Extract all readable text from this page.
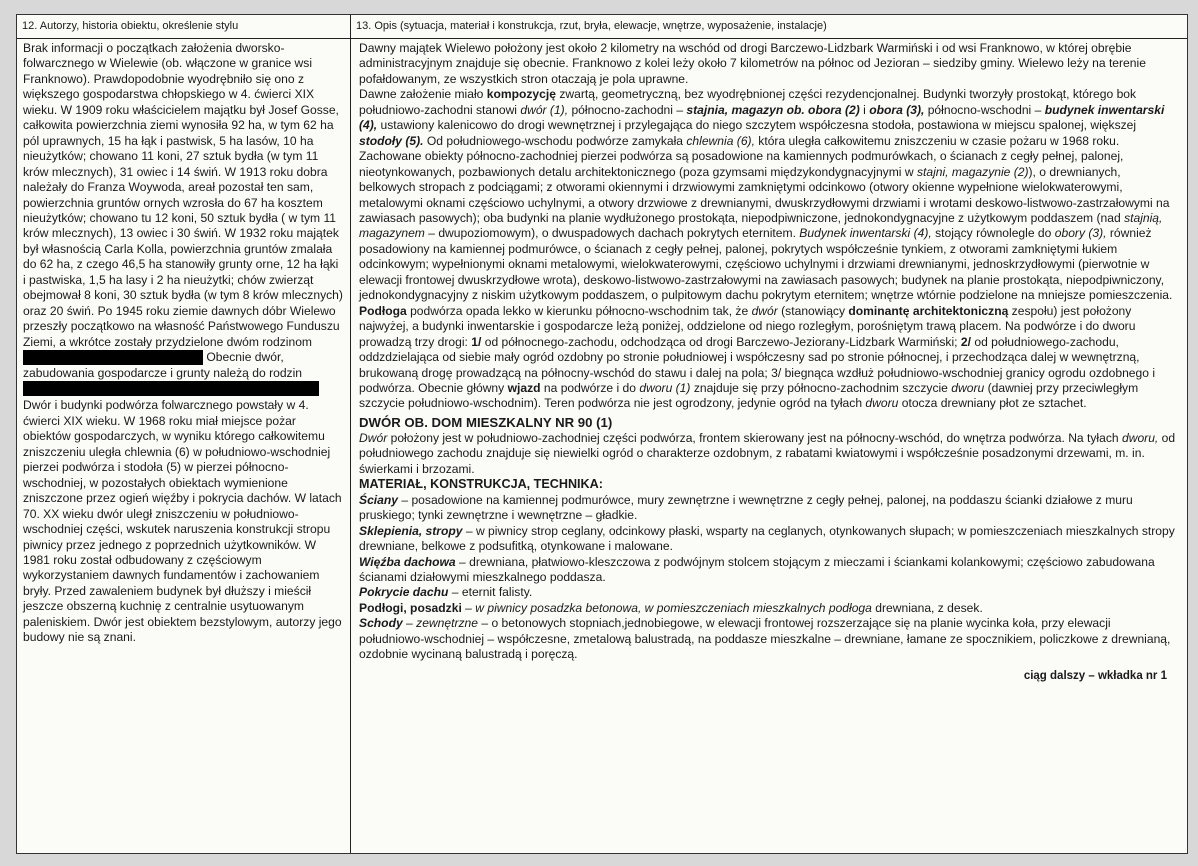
12. Autorzy, historia obiektu, określenie stylu

Brak informacji o początkach założenia dworsko-folwarcznego w Wielewie (ob. włączone w granice wsi Franknowo). Prawdopodobnie wyodrębniło się ono z większego gospodarstwa chłopskiego w 4. ćwierci XIX wieku. W 1909 roku właścicielem majątku był Josef Gosse, całkowita powierzchnia ziemi wynosiła 92 ha, w tym 62 ha pól uprawnych, 15 ha łąk i pastwisk, 5 ha lasów, 10 ha nieużytków; chowano 11 koni, 27 sztuk bydła (w tym 11 krów mlecznych), 31 owiec i 14 świń. W 1913 roku dobra należały do Franza Woywoda, areał pozostał ten sam, powierzchnia gruntów ornych wzrosła do 67 ha kosztem nieużytków; chowano tu 12 koni, 50 sztuk bydła ( w tym 11 krów mlecznych), 13 owiec i 30 świń. W 1932 roku majątek był własnością Carla Kolla, powierzchnia gruntów zmalała do 62 ha, z czego 46,5 ha stanowiły grunty orne, 12 ha łąki i pastwiska, 1,5 ha lasy i 2 ha nieużytki; chów zwierząt obejmował 8 koni, 30 sztuk bydła (w tym 8 krów mlecznych) oraz 20 świń. Po 1945 roku ziemie dawnych dóbr Wielewo przeszły początkowo na własność Państwowego Funduszu Ziemi, a wkrótce zostały przydzielone dwóm rodzinom
Obecnie dwór, zabudowania gospodarcze i grunty należą do rodzin

Dwór i budynki podwórza folwarcznego powstały w 4. ćwierci XIX wieku. W 1968 roku miał miejsce pożar obiektów gospodarczych, w wyniku którego całkowitemu zniszczeniu uległa chlewnia (6) w południowo-wschodniej pierzei podwórza i stodoła (5) w pierzei północno-wschodniej, w pozostałych obiektach wymienione zniszczone przez ogień więźby i pokrycia dachów. W latach 70. XX wieku dwór uległ zniszczeniu w południowo-wschodniej części, wskutek naruszenia konstrukcji stropu piwnicy przez jednego z poprzednich użytkowników. W 1981 roku został odbudowany z częściowym wykorzystaniem dawnych fundamentów i zachowaniem bryły. Przed zawaleniem budynek był dłuższy i mieścił jeszcze obszerną kuchnię z centralnie usytuowanym paleniskiem. Dwór jest obiektem bezstylowym, autorzy jego budowy nie są znani.

13. Opis (sytuacja, materiał i konstrukcja, rzut, bryła, elewacje, wnętrze, wyposażenie, instalacje)

Dawny majątek Wielewo położony jest około 2 kilometry na wschód od drogi Barczewo-Lidzbark Warmiński i od wsi Franknowo, w której obrębie administracyjnym znajduje się obecnie. Franknowo z kolei leży około 7 kilometrów na północ od Jezioran – siedziby gminy. Wielewo leży na terenie pofałdowanym, ze wszystkich stron otaczają je pola uprawne.

Dawne założenie miało kompozycję zwartą, geometryczną, bez wyodrębnionej części rezydencjonalnej. Budynki tworzyły prostokąt, którego bok południowo-zachodni stanowi dwór (1), północno-zachodni – stajnia, magazyn ob. obora (2) i obora (3), północno-wschodni – budynek inwentarski (4), ustawiony kalenicowo do drogi wewnętrznej i przylegająca do niego szczytem współczesna stodoła, postawiona w miejscu spalonej, większej stodoły (5). Od południowego-wschodu podwórze zamykała chlewnia (6), która uległa całkowitemu zniszczeniu w czasie pożaru w 1968 roku. Zachowane obiekty północno-zachodniej pierzei podwórza są posadowione na kamiennych podmurówkach, o ścianach z cegły pełnej, palonej, nieotynkowanych, pozbawionych detalu architektonicznego (poza gzymsami międzykondygnacyjnymi w stajni, magazynie (2)), o drewnianych, belkowych stropach z podciągami; z otworami okiennymi i drzwiowymi zamkniętymi odcinkowo (otwory okienne wypełnione wielokwaterowymi, metalowymi oknami częściowo uchylnymi, a otwory drzwiowe z drewnianymi, dwuskrzydłowymi drzwiami i wrotami deskowo-listwowo-zastrzałowymi na zawiasach pasowych); oba budynki na planie wydłużonego prostokąta, niepodpiwniczone, jednokondygnacyjne z użytkowym poddaszem (nad stajnią, magazynem – dwupoziomowym), o dwuspadowych dachach pokrytych eternitem. Budynek inwentarski (4), stojący równolegle do obory (3), również posadowiony na kamiennej podmurówce, o ścianach z cegły pełnej, palonej, pokrytych współcześnie tynkiem, z otworami zamkniętymi łukiem odcinkowym; wypełnionymi oknami metalowymi, wielokwaterowymi, częściowo uchylnymi i drzwiami drewnianymi, jednoskrzydłowymi (pierwotnie w elewacji frontowej dwuskrzydłowe wrota), deskowo-listwowo-zastrzałowymi na zawiasach pasowych; budynek na planie prostokąta, niepodpiwniczony, jednokondygnacyjny z niskim użytkowym poddaszem, o pulpitowym dachu pokrytym eternitem; wnętrze wtórnie podzielone na mniejsze pomieszczenia.

Podłoga podwórza opada lekko w kierunku północno-wschodnim tak, że dwór (stanowiący dominantę architektoniczną zespołu) jest położony najwyżej, a budynki inwentarskie i gospodarcze leżą poniżej, oddzielone od niego rozległym, porośniętym trawą placem. Na podwórze i do dworu prowadzą trzy drogi: 1/ od północnego-zachodu, odchodząca od drogi Barczewo-Jeziorany-Lidzbark Warmiński; 2/ od południowego-zachodu, oddzdzielająca od siebie mały ogród ozdobny po stronie południowej i współczesny sad po stronie północnej, i przechodząca dalej w wewnętrzną, brukowaną drogę prowadzącą na północny-wschód do stawu i dalej na pola; 3/ biegnąca wzdłuż południowo-wschodniej granicy ogrodu ozdobnego i podwórza. Obecnie główny wjazd na podwórze i do dworu (1) znajduje się przy północno-zachodnim szczycie dworu (dawniej przy przeciwległym szczycie południowo-wschodnim). Teren podwórza nie jest ogrodzony, jedynie ogród na tyłach dworu otocza drewniany płot ze sztachet.

DWÓR OB. DOM MIESZKALNY NR 90 (1)

Dwór położony jest w południowo-zachodniej części podwórza, frontem skierowany jest na północny-wschód, do wnętrza podwórza. Na tyłach dworu, od południowego zachodu znajduje się niewielki ogród o charakterze ozdobnym, z rabatami kwiatowymi i współcześnie posadzonymi drzewami, m. in. świerkami i brzozami.

MATERIAŁ, KONSTRUKCJA, TECHNIKA:

Ściany – posadowione na kamiennej podmurówce, mury zewnętrzne i wewnętrzne z cegły pełnej, palonej, na poddaszu ścianki działowe z muru pruskiego; tynki zewnętrzne i wewnętrzne – gładkie.

Sklepienia, stropy – w piwnicy strop ceglany, odcinkowy płaski, wsparty na ceglanych, otynkowanych słupach; w pomieszczeniach mieszkalnych stropy drewniane, belkowe z podsufitką, otynkowane i malowane.

Więźba dachowa – drewniana, płatwiowo-kleszczowa z podwójnym stolcem stojącym z mieczami i ściankami kolankowymi; częściowo zabudowana ścianami działowymi mieszkalnego poddasza.

Pokrycie dachu – eternit falisty.

Podłogi, posadzki – w piwnicy posadzka betonowa, w pomieszczeniach mieszkalnych podłoga drewniana, z desek.

Schody – zewnętrzne – o betonowych stopniach,jednobiegowe, w elewacji frontowej rozszerzające się na planie wycinka koła, przy elewacji południowo-wschodniej – współczesne, zmetalową balustradą, na poddasze mieszkalne – drewniane, łamane ze spocznikiem, policzkowe z drewnianą, ozdobnie wycinaną balustradą i poręczą.

ciąg dalszy – wkładka nr 1
